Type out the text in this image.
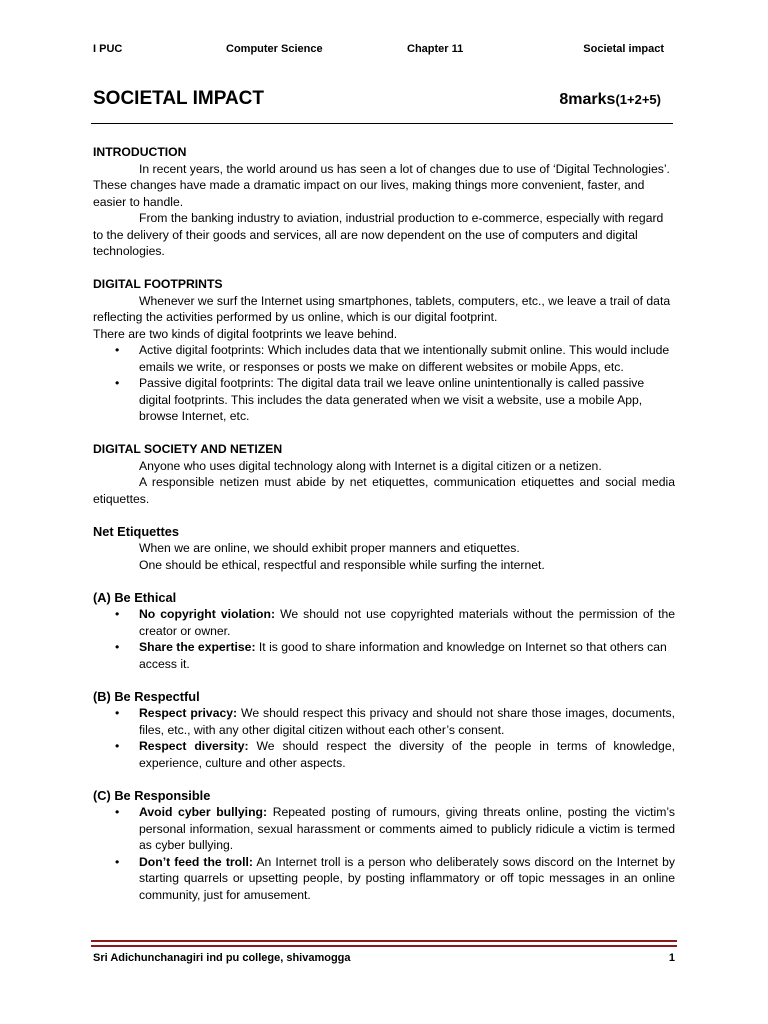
I PUC	Computer Science	Chapter 11	Societal impact
SOCIETAL IMPACT	8marks(1+2+5)
INTRODUCTION

In recent years, the world around us has seen a lot of changes due to use of ‘Digital Technologies’. These changes have made a dramatic impact on our lives, making things more convenient, faster, and easier to handle.

From the banking industry to aviation, industrial production to e-commerce, especially with regard to the delivery of their goods and services, all are now dependent on the use of computers and digital technologies.

DIGITAL FOOTPRINTS

Whenever we surf the Internet using smartphones, tablets, computers, etc., we leave a trail of data reflecting the activities performed by us online, which is our digital footprint.

There are two kinds of digital footprints we leave behind.

• Active digital footprints: Which includes data that we intentionally submit online. This would include emails we write, or responses or posts we make on different websites or mobile Apps, etc.
• Passive digital footprints: The digital data trail we leave online unintentionally is called passive digital footprints. This includes the data generated when we visit a website, use a mobile App, browse Internet, etc.
DIGITAL SOCIETY AND NETIZEN

Anyone who uses digital technology along with Internet is a digital citizen or a netizen.

A responsible netizen must abide by net etiquettes, communication etiquettes and social media etiquettes.

Net Etiquettes

When we are online, we should exhibit proper manners and etiquettes.

One should be ethical, respectful and responsible while surfing the internet.

(A) Be Ethical
• No copyright violation: We should not use copyrighted materials without the permission of the creator or owner.
• Share the expertise: It is good to share information and knowledge on Internet so that others can access it.
(B) Be Respectful
• Respect privacy: We should respect this privacy and should not share those images, documents, files, etc., with any other digital citizen without each other’s consent.
• Respect diversity: We should respect the diversity of the people in terms of knowledge, experience, culture and other aspects.
(C) Be Responsible
• Avoid cyber bullying: Repeated posting of rumours, giving threats online, posting the victim’s personal information, sexual harassment or comments aimed to publicly ridicule a victim is termed as cyber bullying.
• Don’t feed the troll: An Internet troll is a person who deliberately sows discord on the Internet by starting quarrels or upsetting people, by posting inflammatory or off topic messages in an online community, just for amusement.
Sri Adichunchanagiri ind pu college, shivamogga	1
